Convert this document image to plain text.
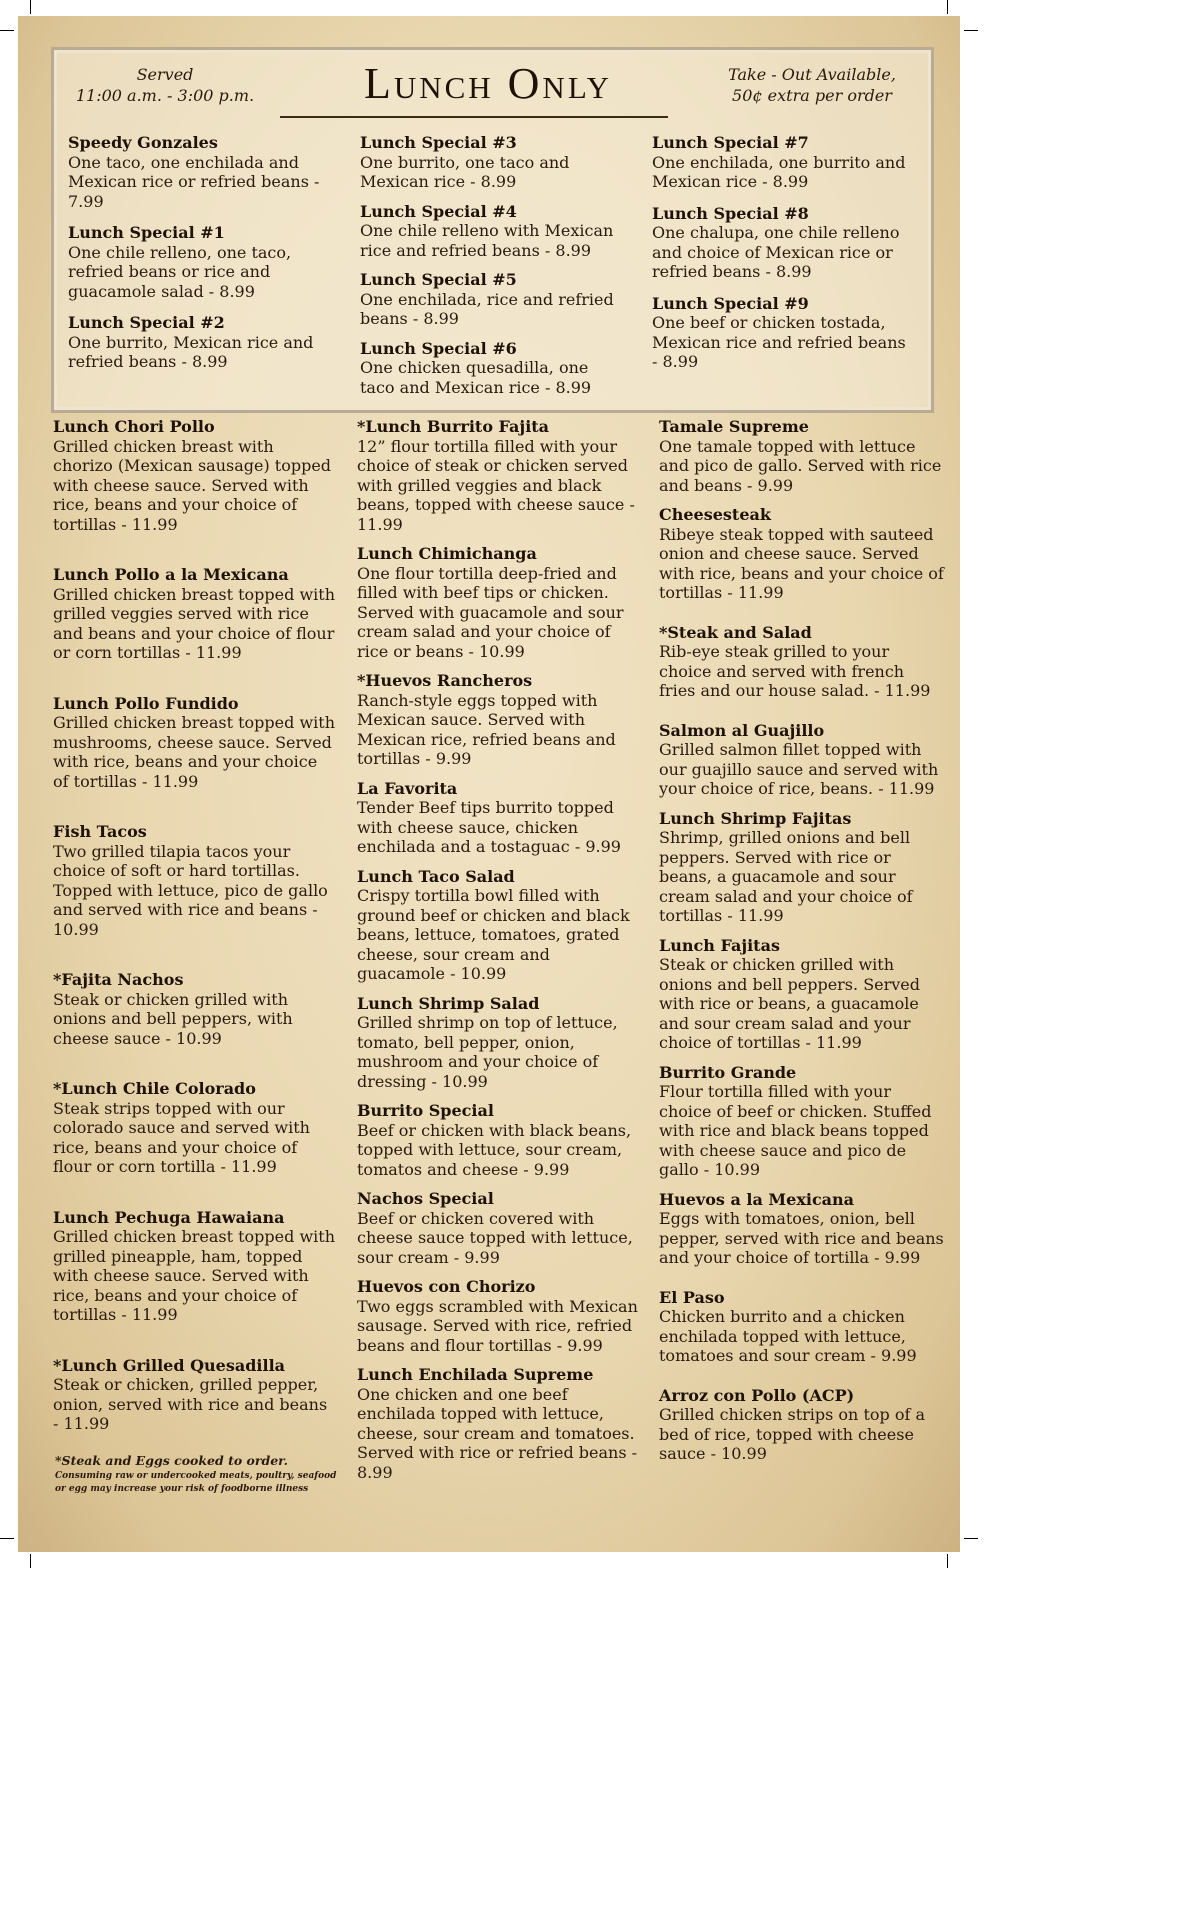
Served
11:00 a.m. - 3:00 p.m.	Lunch Only	Take - Out Available,
50¢ extra per order
Speedy Gonzales
One taco, one enchilada and Mexican rice or refried beans - 7.99
Lunch Special #1
One chile relleno, one taco, refried beans or rice and guacamole salad - 8.99
Lunch Special #2
One burrito, Mexican rice and refried beans - 8.99
Lunch Special #3
One burrito, one taco and Mexican rice - 8.99
Lunch Special #4
One chile relleno with Mexican rice and refried beans - 8.99
Lunch Special #5
One enchilada, rice and refried beans - 8.99
Lunch Special #6
One chicken quesadilla, one taco and Mexican rice - 8.99
Lunch Special #7
One enchilada, one burrito and Mexican rice - 8.99
Lunch Special #8
One chalupa, one chile relleno and choice of Mexican rice or refried beans - 8.99
Lunch Special #9
One beef or chicken tostada, Mexican rice and refried beans - 8.99
Lunch Chori Pollo
Grilled chicken breast with chorizo (Mexican sausage) topped with cheese sauce. Served with rice, beans and your choice of tortillas - 11.99
Lunch Pollo a la Mexicana
Grilled chicken breast topped with grilled veggies served with rice and beans and your choice of flour or corn tortillas - 11.99
Lunch Pollo Fundido
Grilled chicken breast topped with mushrooms, cheese sauce. Served with rice, beans and your choice of tortillas - 11.99
Fish Tacos
Two grilled tilapia tacos your choice of soft or hard tortillas. Topped with lettuce, pico de gallo and served with rice and beans - 10.99
*Fajita Nachos
Steak or chicken grilled with onions and bell peppers, with cheese sauce - 10.99
*Lunch Chile Colorado
Steak strips topped with our colorado sauce and served with rice, beans and your choice of flour or corn tortilla - 11.99
Lunch Pechuga Hawaiana
Grilled chicken breast topped with grilled pineapple, ham, topped with cheese sauce. Served with rice, beans and your choice of tortillas - 11.99
*Lunch Grilled Quesadilla
Steak or chicken, grilled pepper, onion, served with rice and beans - 11.99
*Lunch Burrito Fajita
12” flour tortilla filled with your choice of steak or chicken served with grilled veggies and black beans, topped with cheese sauce - 11.99
Lunch Chimichanga
One flour tortilla deep-fried and filled with beef tips or chicken. Served with guacamole and sour cream salad and your choice of rice or beans - 10.99
*Huevos Rancheros
Ranch-style eggs topped with Mexican sauce. Served with Mexican rice, refried beans and tortillas - 9.99
La Favorita
Tender Beef tips burrito topped with cheese sauce, chicken enchilada and a tostaguac - 9.99
Lunch Taco Salad
Crispy tortilla bowl filled with ground beef or chicken and black beans, lettuce, tomatoes, grated cheese, sour cream and guacamole - 10.99
Lunch Shrimp Salad
Grilled shrimp on top of lettuce, tomato, bell pepper, onion, mushroom and your choice of dressing - 10.99
Burrito Special
Beef or chicken with black beans, topped with lettuce, sour cream, tomatos and cheese - 9.99
Nachos Special
Beef or chicken covered with cheese sauce topped with lettuce, sour cream - 9.99
Huevos con Chorizo
Two eggs scrambled with Mexican sausage. Served with rice, refried beans and flour tortillas - 9.99
Lunch Enchilada Supreme
One chicken and one beef enchilada topped with lettuce, cheese, sour cream and tomatoes. Served with rice or refried beans - 8.99
Tamale Supreme
One tamale topped with lettuce and pico de gallo. Served with rice and beans - 9.99
Cheesesteak
Ribeye steak topped with sauteed onion and cheese sauce. Served with rice, beans and your choice of tortillas - 11.99
*Steak and Salad
Rib-eye steak grilled to your choice and served with french fries and our house salad. - 11.99
Salmon al Guajillo
Grilled salmon fillet topped with our guajillo sauce and served with your choice of rice, beans. - 11.99
Lunch Shrimp Fajitas
Shrimp, grilled onions and bell peppers. Served with rice or beans, a guacamole and sour cream salad and your choice of tortillas - 11.99
Lunch Fajitas
Steak or chicken grilled with onions and bell peppers. Served with rice or beans, a guacamole and sour cream salad and your choice of tortillas - 11.99
Burrito Grande
Flour tortilla filled with your choice of beef or chicken. Stuffed with rice and black beans topped with cheese sauce and pico de gallo - 10.99
Huevos a la Mexicana
Eggs with tomatoes, onion, bell pepper, served with rice and beans and your choice of tortilla - 9.99
El Paso
Chicken burrito and a chicken enchilada topped with lettuce, tomatoes and sour cream - 9.99
Arroz con Pollo (ACP)
Grilled chicken strips on top of a bed of rice, topped with cheese sauce - 10.99
*Steak and Eggs cooked to order.
Consuming raw or undercooked meats, poultry, seafood or egg may increase your risk of foodborne illness
